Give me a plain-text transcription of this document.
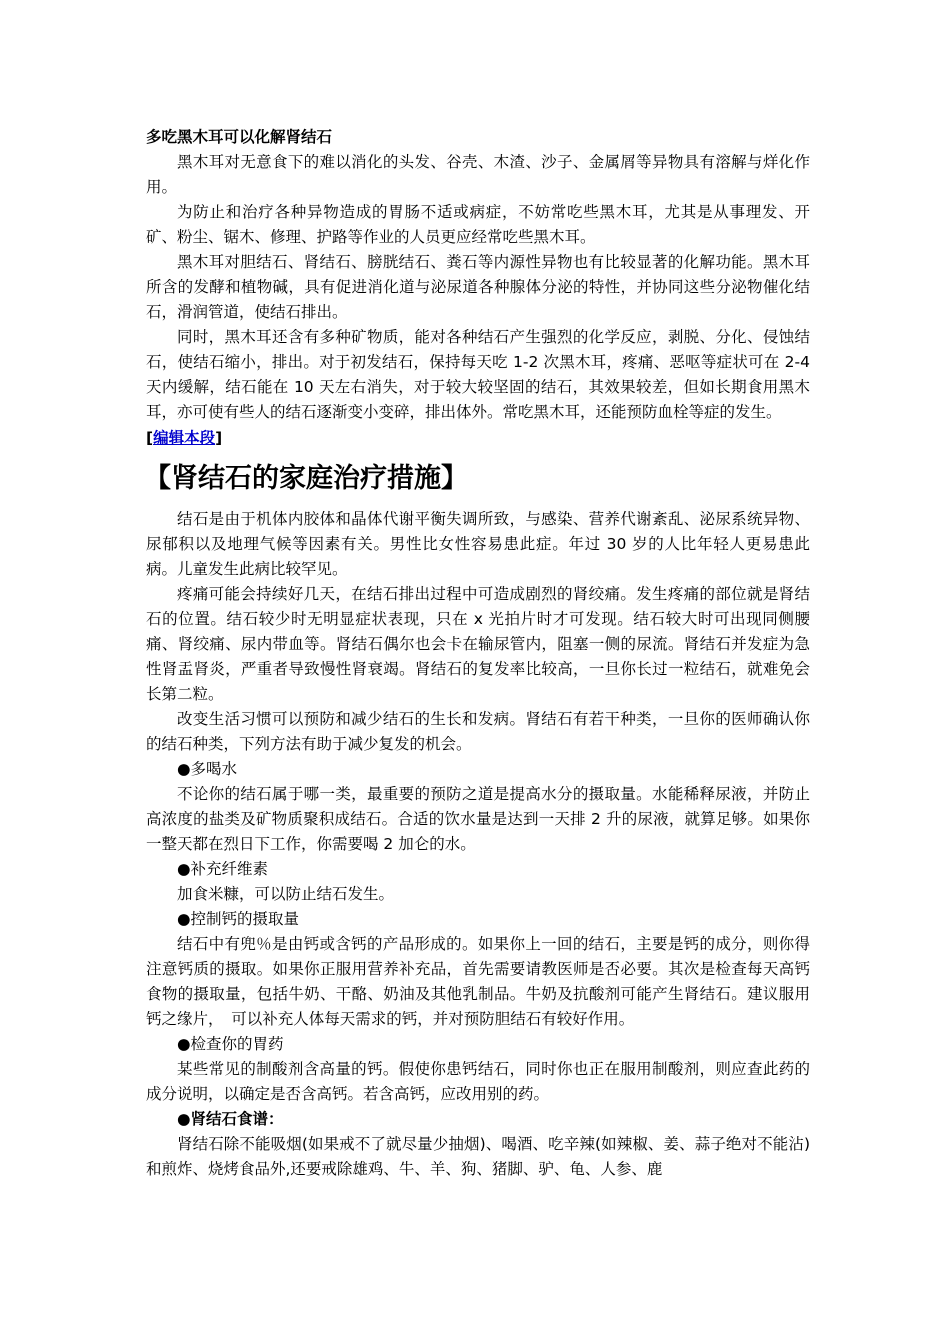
多吃黑木耳可以化解肾结石

黑木耳对无意食下的难以消化的头发、谷壳、木渣、沙子、金属屑等异物具有溶解与烊化作用。

为防止和治疗各种异物造成的胃肠不适或病症，不妨常吃些黑木耳，尤其是从事理发、开矿、粉尘、锯木、修理、护路等作业的人员更应经常吃些黑木耳。

黑木耳对胆结石、肾结石、膀胱结石、粪石等内源性异物也有比较显著的化解功能。黑木耳所含的发酵和植物碱，具有促进消化道与泌尿道各种腺体分泌的特性，并协同这些分泌物催化结石，滑润管道，使结石排出。

同时，黑木耳还含有多种矿物质，能对各种结石产生强烈的化学反应，剥脱、分化、侵蚀结石，使结石缩小，排出。对于初发结石，保持每天吃 1-2 次黑木耳，疼痛、恶呕等症状可在 2-4 天内缓解，结石能在 10 天左右消失，对于较大较坚固的结石，其效果较差，但如长期食用黑木耳，亦可使有些人的结石逐渐变小变碎，排出体外。常吃黑木耳，还能预防血栓等症的发生。

[编辑本段]
【肾结石的家庭治疗措施】

结石是由于机体内胶体和晶体代谢平衡失调所致，与感染、营养代谢紊乱、泌尿系统异物、尿郁积以及地理气候等因素有关。男性比女性容易患此症。年过 30 岁的人比年轻人更易患此病。儿童发生此病比较罕见。

疼痛可能会持续好几天，在结石排出过程中可造成剧烈的肾绞痛。发生疼痛的部位就是肾结石的位置。结石较少时无明显症状表现，只在 x 光拍片时才可发现。结石较大时可出现同侧腰痛、肾绞痛、尿内带血等。肾结石偶尔也会卡在输尿管内，阻塞一侧的尿流。肾结石并发症为急性肾盂肾炎，严重者导致慢性肾衰竭。肾结石的复发率比较高，一旦你长过一粒结石，就难免会长第二粒。

改变生活习惯可以预防和减少结石的生长和发病。肾结石有若干种类，一旦你的医师确认你的结石种类，下列方法有助于减少复发的机会。

●多喝水

不论你的结石属于哪一类，最重要的预防之道是提高水分的摄取量。水能稀释尿液，并防止高浓度的盐类及矿物质聚积成结石。合适的饮水量是达到一天排 2 升的尿液，就算足够。如果你一整天都在烈日下工作，你需要喝 2 加仑的水。

●补充纤维素

加食米糠，可以防止结石发生。

●控制钙的摄取量

结石中有兜％是由钙或含钙的产品形成的。如果你上一回的结石，主要是钙的成分，则你得注意钙质的摄取。如果你正服用营养补充品，首先需要请教医师是否必要。其次是检查每天高钙食物的摄取量，包括牛奶、干酪、奶油及其他乳制品。牛奶及抗酸剂可能产生肾结石。建议服用钙之缘片，　可以补充人体每天需求的钙，并对预防胆结石有较好作用。

●检查你的胃药

某些常见的制酸剂含高量的钙。假使你患钙结石，同时你也正在服用制酸剂，则应查此药的成分说明，以确定是否含高钙。若含高钙，应改用别的药。

●肾结石食谱：

肾结石除不能吸烟(如果戒不了就尽量少抽烟)、喝酒、吃辛辣(如辣椒、姜、蒜子绝对不能沾)和煎炸、烧烤食品外,还要戒除雄鸡、牛、羊、狗、猪脚、驴、龟、人参、鹿
